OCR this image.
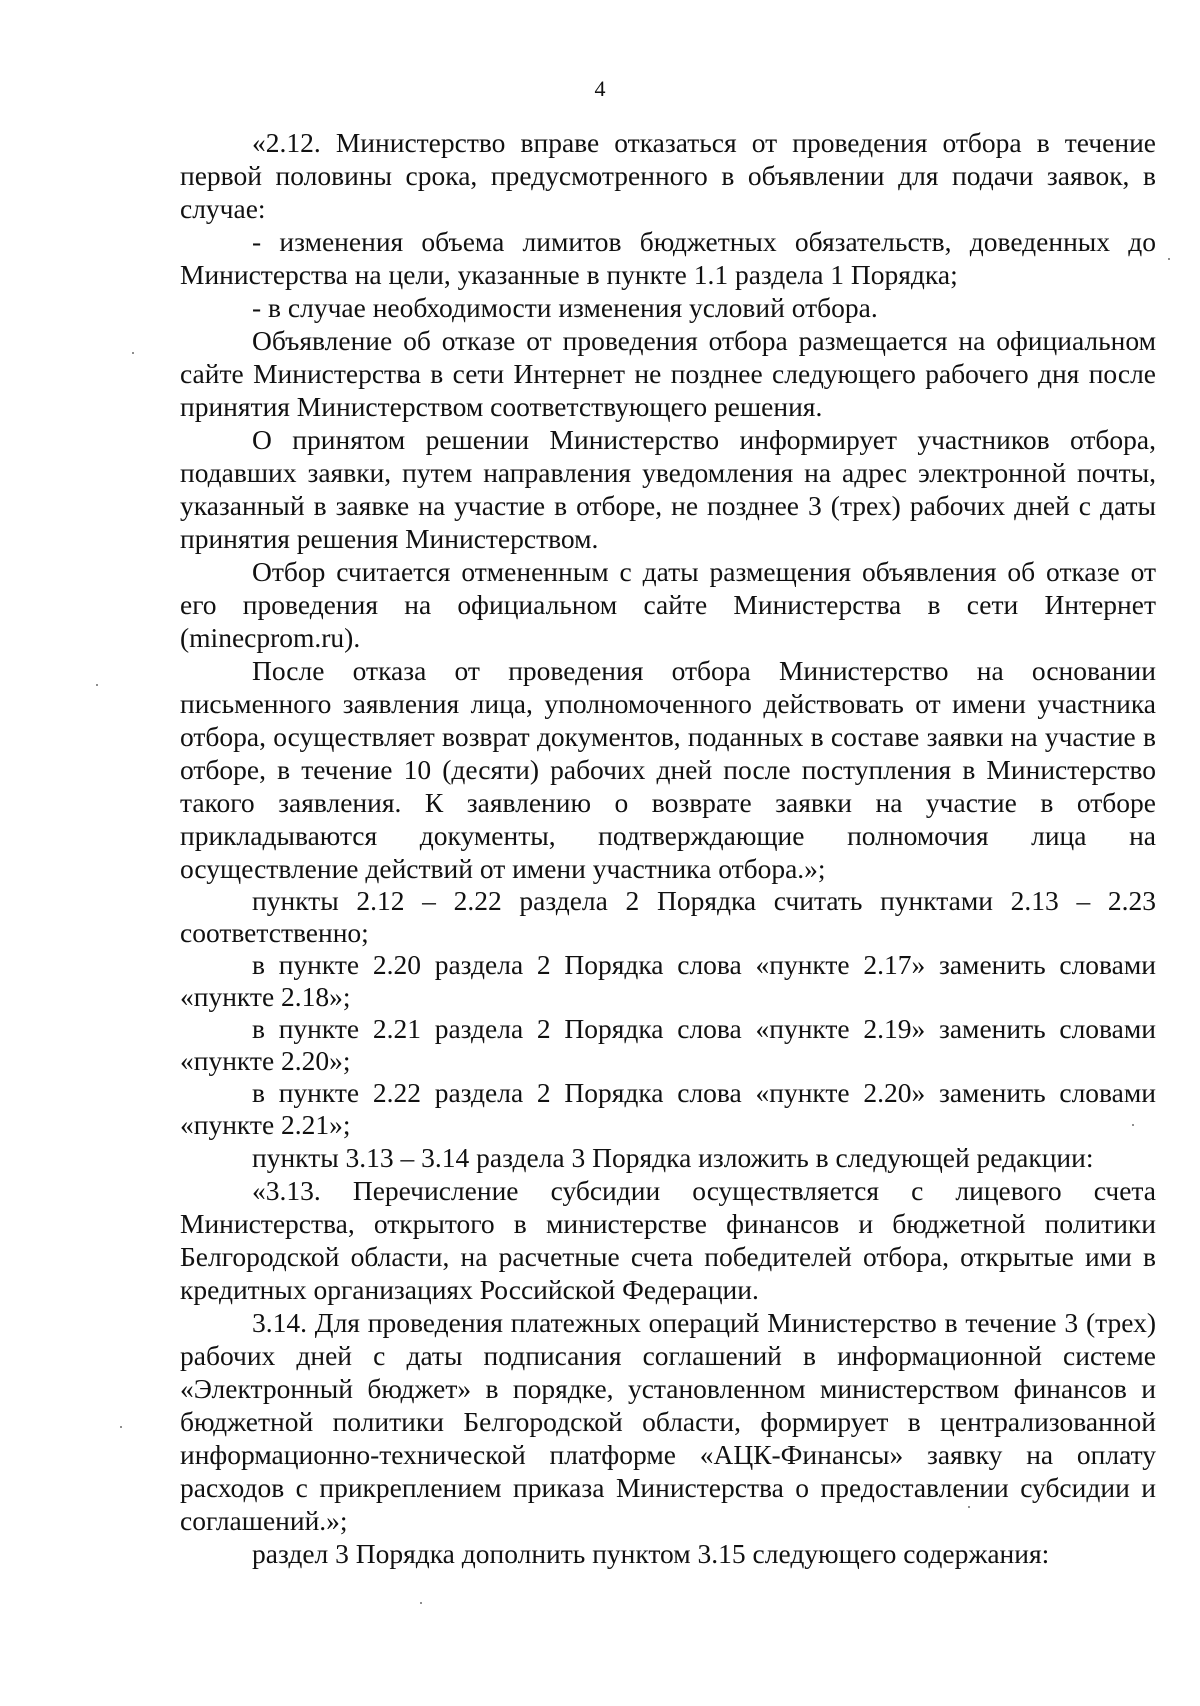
4

«2.12. Министерство вправе отказаться от проведения отбора в течение первой половины срока, предусмотренного в объявлении для подачи заявок, в случае:

- изменения объема лимитов бюджетных обязательств, доведенных до Министерства на цели, указанные в пункте 1.1 раздела 1 Порядка;

- в случае необходимости изменения условий отбора.

Объявление об отказе от проведения отбора размещается на официальном сайте Министерства в сети Интернет не позднее следующего рабочего дня после принятия Министерством соответствующего решения.

О принятом решении Министерство информирует участников отбора, подавших заявки, путем направления уведомления на адрес электронной почты, указанный в заявке на участие в отборе, не позднее 3 (трех) рабочих дней с даты принятия решения Министерством.

Отбор считается отмененным с даты размещения объявления об отказе от его проведения на официальном сайте Министерства в сети Интернет (minecprom.ru).

После отказа от проведения отбора Министерство на основании письменного заявления лица, уполномоченного действовать от имени участника отбора, осуществляет возврат документов, поданных в составе заявки на участие в отборе, в течение 10 (десяти) рабочих дней после поступления в Министерство такого заявления. К заявлению о возврате заявки на участие в отборе прикладываются документы, подтверждающие полномочия лица на осуществление действий от имени участника отбора.»;

пункты 2.12 – 2.22 раздела 2 Порядка считать пунктами 2.13 – 2.23 соответственно;

в пункте 2.20 раздела 2 Порядка слова «пункте 2.17» заменить словами «пункте 2.18»;

в пункте 2.21 раздела 2 Порядка слова «пункте 2.19» заменить словами «пункте 2.20»;

в пункте 2.22 раздела 2 Порядка слова «пункте 2.20» заменить словами «пункте 2.21»;

пункты 3.13 – 3.14 раздела 3 Порядка изложить в следующей редакции:

«3.13. Перечисление субсидии осуществляется с лицевого счета Министерства, открытого в министерстве финансов и бюджетной политики Белгородской области, на расчетные счета победителей отбора, открытые ими в кредитных организациях Российской Федерации.

3.14. Для проведения платежных операций Министерство в течение 3 (трех) рабочих дней с даты подписания соглашений в информационной системе «Электронный бюджет» в порядке, установленном министерством финансов и бюджетной политики Белгородской области, формирует в централизованной информационно-технической платформе «АЦК-Финансы» заявку на оплату расходов с прикреплением приказа Министерства о предоставлении субсидии и соглашений.»;

раздел 3 Порядка дополнить пунктом 3.15 следующего содержания:
